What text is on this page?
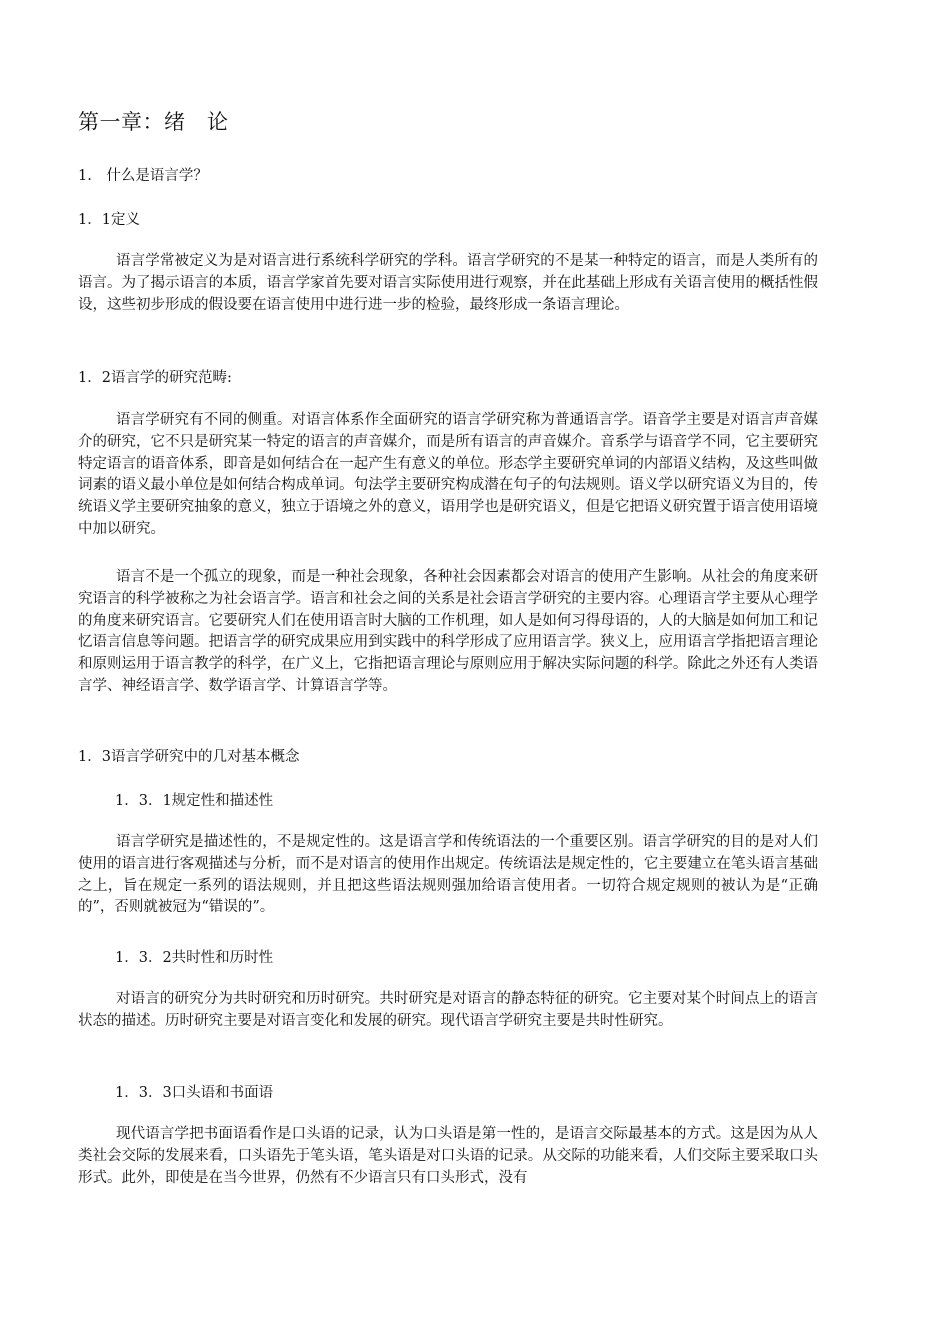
第一章：绪　论
1.　什么是语言学？
1．1定义

语言学常被定义为是对语言进行系统科学研究的学科。语言学研究的不是某一种特定的语言，而是人类所有的语言。为了揭示语言的本质，语言学家首先要对语言实际使用进行观察，并在此基础上形成有关语言使用的概括性假设，这些初步形成的假设要在语言使用中进行进一步的检验，最终形成一条语言理论。

1．2语言学的研究范畴:

语言学研究有不同的侧重。对语言体系作全面研究的语言学研究称为普通语言学。语音学主要是对语言声音媒介的研究，它不只是研究某一特定的语言的声音媒介，而是所有语言的声音媒介。音系学与语音学不同，它主要研究特定语言的语音体系，即音是如何结合在一起产生有意义的单位。形态学主要研究单词的内部语义结构，及这些叫做词素的语义最小单位是如何结合构成单词。句法学主要研究构成潜在句子的句法规则。语义学以研究语义为目的，传统语义学主要研究抽象的意义，独立于语境之外的意义，语用学也是研究语义，但是它把语义研究置于语言使用语境中加以研究。

语言不是一个孤立的现象，而是一种社会现象，各种社会因素都会对语言的使用产生影响。从社会的角度来研究语言的科学被称之为社会语言学。语言和社会之间的关系是社会语言学研究的主要内容。心理语言学主要从心理学的角度来研究语言。它要研究人们在使用语言时大脑的工作机理，如人是如何习得母语的，人的大脑是如何加工和记忆语言信息等问题。把语言学的研究成果应用到实践中的科学形成了应用语言学。狭义上，应用语言学指把语言理论和原则运用于语言教学的科学，在广义上，它指把语言理论与原则应用于解决实际问题的科学。除此之外还有人类语言学、神经语言学、数学语言学、计算语言学等。

1．3语言学研究中的几对基本概念
1．3．1规定性和描述性

语言学研究是描述性的，不是规定性的。这是语言学和传统语法的一个重要区别。语言学研究的目的是对人们使用的语言进行客观描述与分析，而不是对语言的使用作出规定。传统语法是规定性的，它主要建立在笔头语言基础之上，旨在规定一系列的语法规则，并且把这些语法规则强加给语言使用者。一切符合规定规则的被认为是“正确的”，否则就被冠为“错误的”。

1．3．2共时性和历时性

对语言的研究分为共时研究和历时研究。共时研究是对语言的静态特征的研究。它主要对某个时间点上的语言状态的描述。历时研究主要是对语言变化和发展的研究。现代语言学研究主要是共时性研究。

1．3．3口头语和书面语

现代语言学把书面语看作是口头语的记录，认为口头语是第一性的，是语言交际最基本的方式。这是因为从人类社会交际的发展来看，口头语先于笔头语，笔头语是对口头语的记录。从交际的功能来看，人们交际主要采取口头形式。此外，即使是在当今世界，仍然有不少语言只有口头形式，没有
